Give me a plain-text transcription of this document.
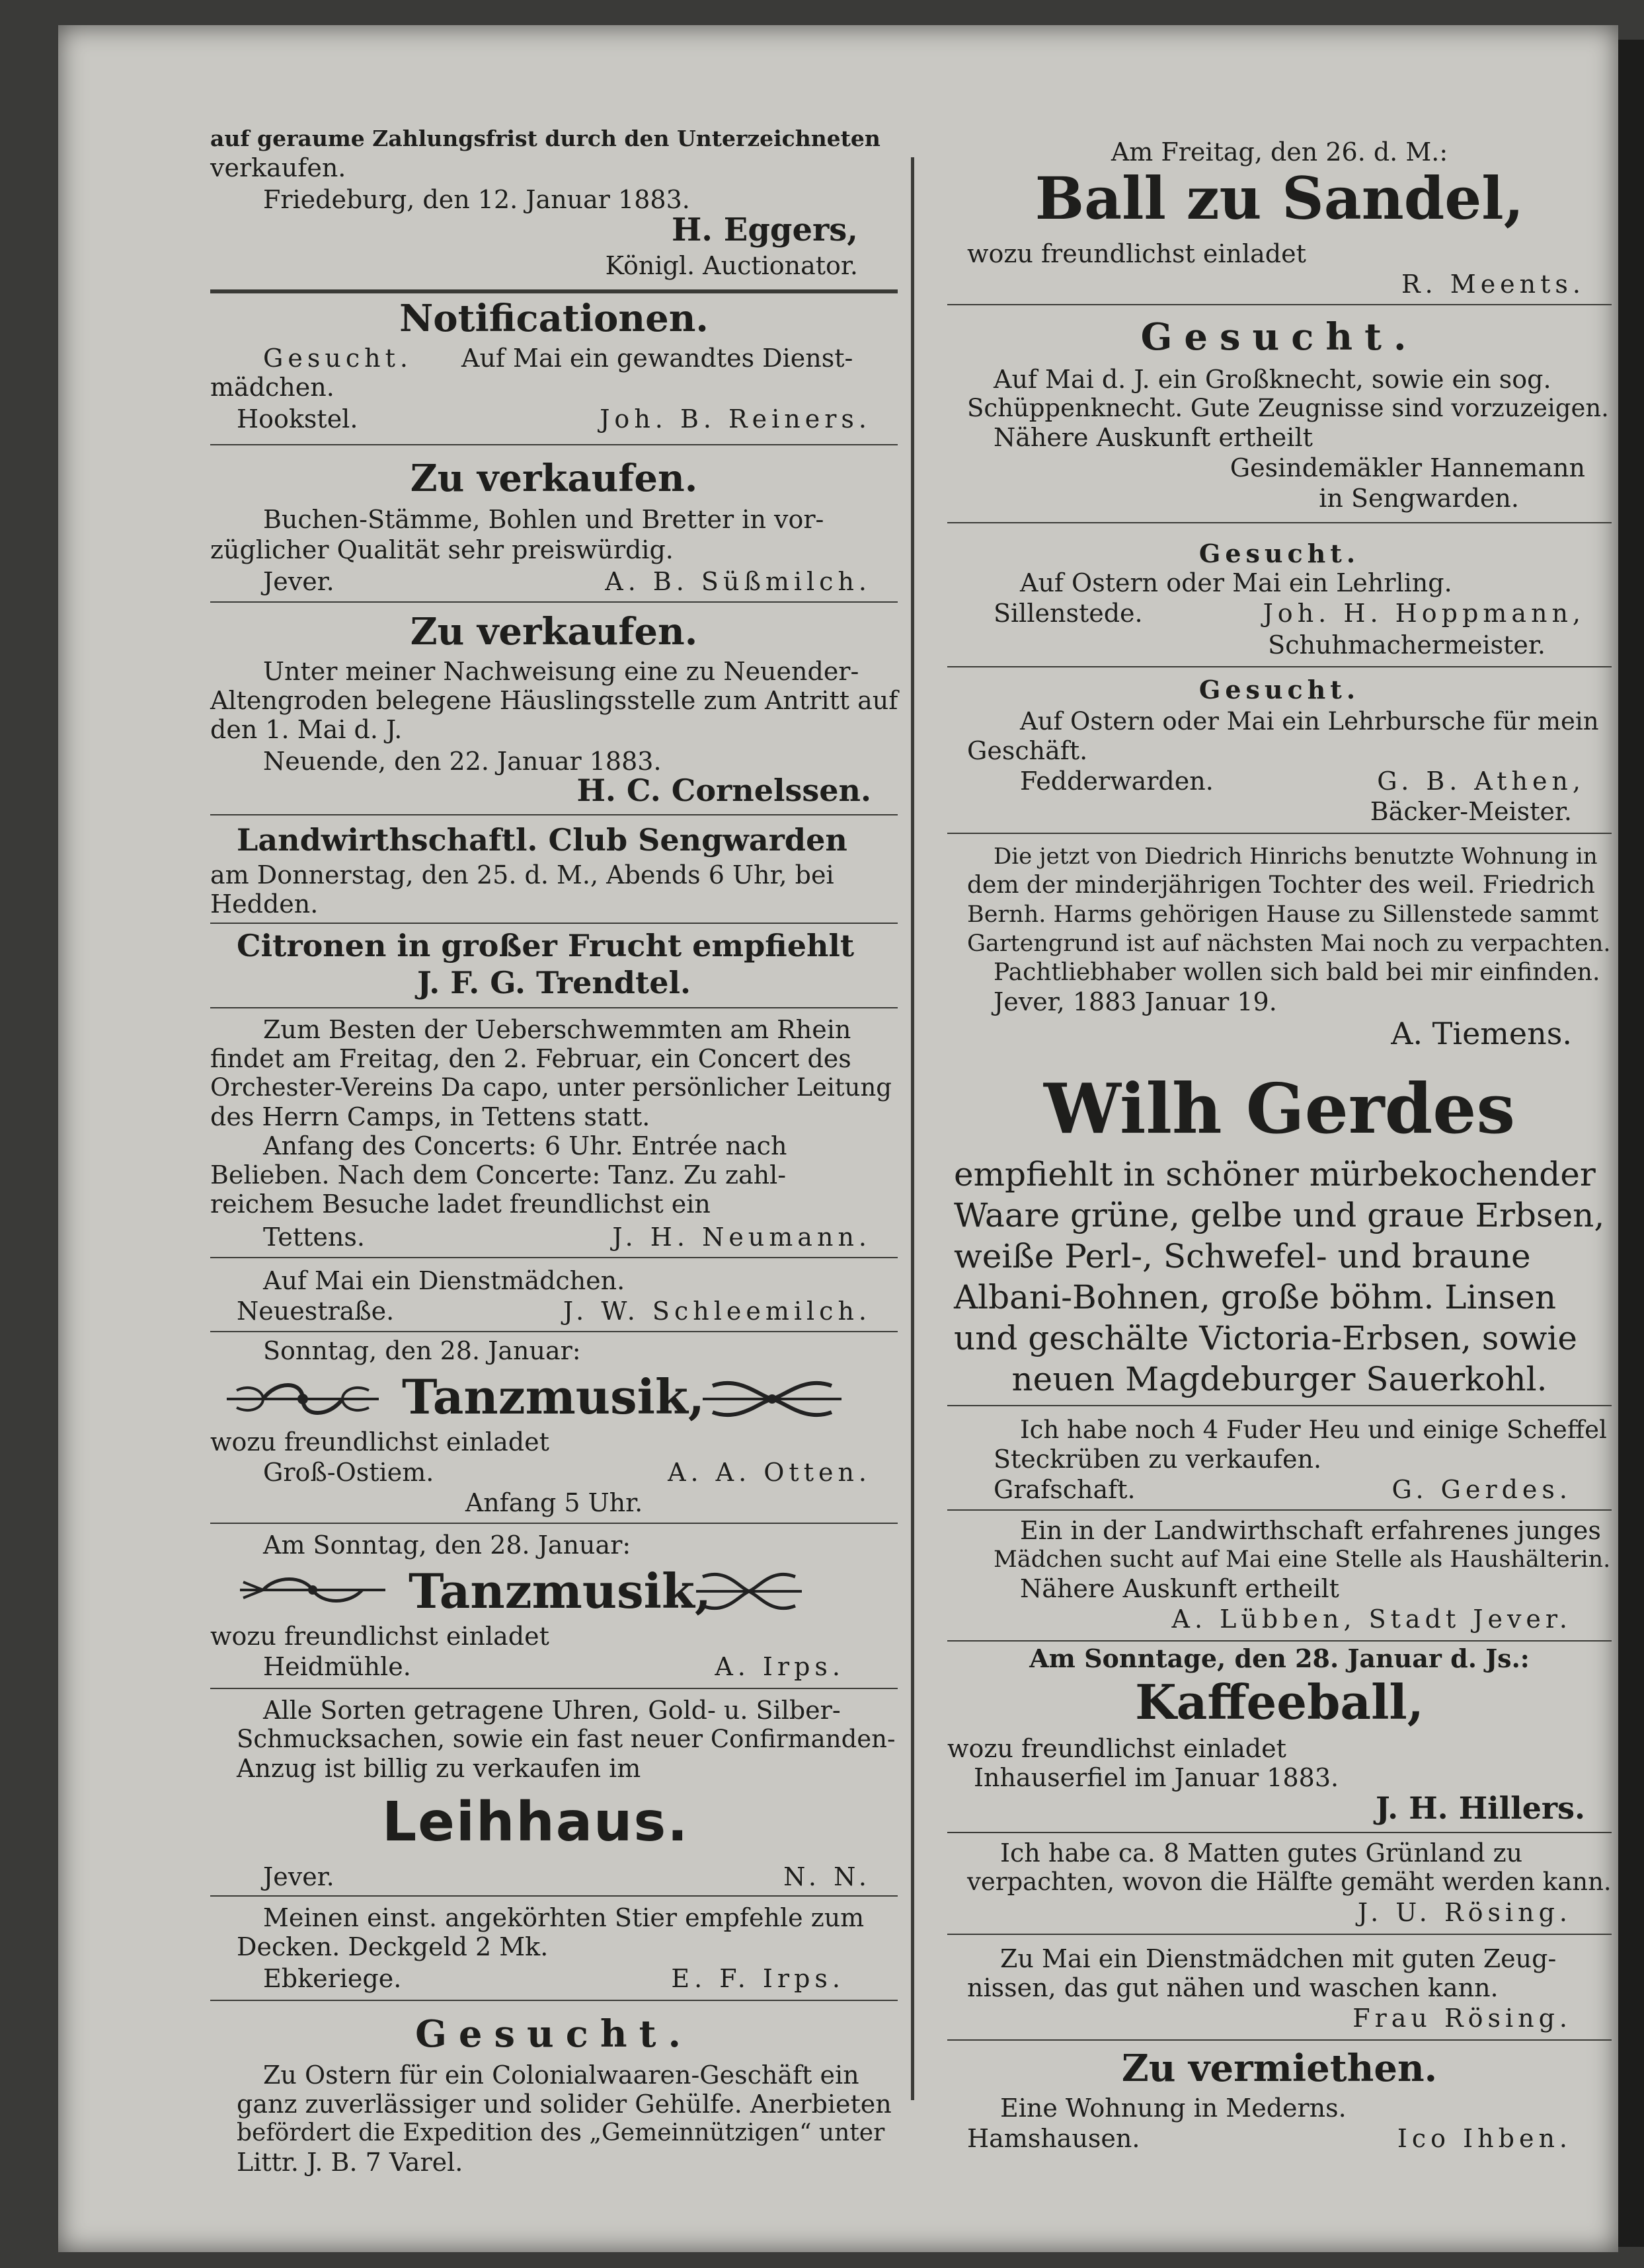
auf geraume Zahlungsfrist durch den Unterzeichneten
verkaufen.
Friedeburg, den 12. Januar 1883.
H. Eggers,
Königl. Auctionator.
Notificationen.
Gesucht. Auf Mai ein gewandtes Dienst-
mädchen.
Hookstel.	Joh. B. Reiners.
Zu verkaufen.
Buchen-Stämme, Bohlen und Bretter in vor-
züglicher Qualität sehr preiswürdig.
Jever.	A. B. Süßmilch.
Zu verkaufen.
Unter meiner Nachweisung eine zu Neuender-
Altengroden belegene Häuslingsstelle zum Antritt auf
den 1. Mai d. J.
Neuende, den 22. Januar 1883.
H. C. Cornelssen.
Landwirthschaftl. Club Sengwarden
am Donnerstag, den 25. d. M., Abends 6 Uhr, bei
Hedden.
Citronen in großer Frucht empfiehlt
J. F. G. Trendtel.
Zum Besten der Ueberschwemmten am Rhein
findet am Freitag, den 2. Februar, ein Concert des
Orchester-Vereins Da capo, unter persönlicher Leitung
des Herrn Camps, in Tettens statt.
Anfang des Concerts: 6 Uhr. Entrée nach
Belieben. Nach dem Concerte: Tanz. Zu zahl-
reichem Besuche ladet freundlichst ein
Tettens.	J. H. Neumann.
Auf Mai ein Dienstmädchen.
Neuestraße.	J. W. Schleemilch.
Sonntag, den 28. Januar:
Tanzmusik,
wozu freundlichst einladet
Groß-Ostiem.	A. A. Otten.
Anfang 5 Uhr.
Am Sonntag, den 28. Januar:
Tanzmusik,
wozu freundlichst einladet
Heidmühle.	A. Irps.
Alle Sorten getragene Uhren, Gold- u. Silber-
Schmucksachen, sowie ein fast neuer Confirmanden-
Anzug ist billig zu verkaufen im
Leihhaus.
Jever.	N. N.
Meinen einst. angekörhten Stier empfehle zum
Decken. Deckgeld 2 Mk.
Ebkeriege.	E. F. Irps.
Gesucht.
Zu Ostern für ein Colonialwaaren-Geschäft ein
ganz zuverlässiger und solider Gehülfe. Anerbieten
befördert die Expedition des „Gemeinnützigen“ unter
Littr. J. B. 7 Varel.
Am Freitag, den 26. d. M.:
Ball zu Sandel,
wozu freundlichst einladet
R. Meents.
Gesucht.
Auf Mai d. J. ein Großknecht, sowie ein sog.
Schüppenknecht. Gute Zeugnisse sind vorzuzeigen.
Nähere Auskunft ertheilt
Gesindemäkler Hannemann
in Sengwarden.
Gesucht.
Auf Ostern oder Mai ein Lehrling.
Sillenstede.	Joh. H. Hoppmann,
Schuhmachermeister.
Gesucht.
Auf Ostern oder Mai ein Lehrbursche für mein
Geschäft.
Fedderwarden.	G. B. Athen,
Bäcker-Meister.
Die jetzt von Diedrich Hinrichs benutzte Wohnung in
dem der minderjährigen Tochter des weil. Friedrich
Bernh. Harms gehörigen Hause zu Sillenstede sammt
Gartengrund ist auf nächsten Mai noch zu verpachten.
Pachtliebhaber wollen sich bald bei mir einfinden.
Jever, 1883 Januar 19.
A. Tiemens.
Wilh Gerdes
empfiehlt in schöner mürbekochender
Waare grüne, gelbe und graue Erbsen,
weiße Perl-, Schwefel- und braune
Albani-Bohnen, große böhm. Linsen
und geschälte Victoria-Erbsen, sowie
neuen Magdeburger Sauerkohl.
Ich habe noch 4 Fuder Heu und einige Scheffel
Steckrüben zu verkaufen.
Grafschaft.	G. Gerdes.
Ein in der Landwirthschaft erfahrenes junges
Mädchen sucht auf Mai eine Stelle als Haushälterin.
Nähere Auskunft ertheilt
A. Lübben, Stadt Jever.
Am Sonntage, den 28. Januar d. Js.:
Kaffeeball,
wozu freundlichst einladet
Inhauserfiel im Januar 1883.
J. H. Hillers.
Ich habe ca. 8 Matten gutes Grünland zu
verpachten, wovon die Hälfte gemäht werden kann.
J. U. Rösing.
Zu Mai ein Dienstmädchen mit guten Zeug-
nissen, das gut nähen und waschen kann.
Frau Rösing.
Zu vermiethen.
Eine Wohnung in Mederns.
Hamshausen.	Ico Ihben.
